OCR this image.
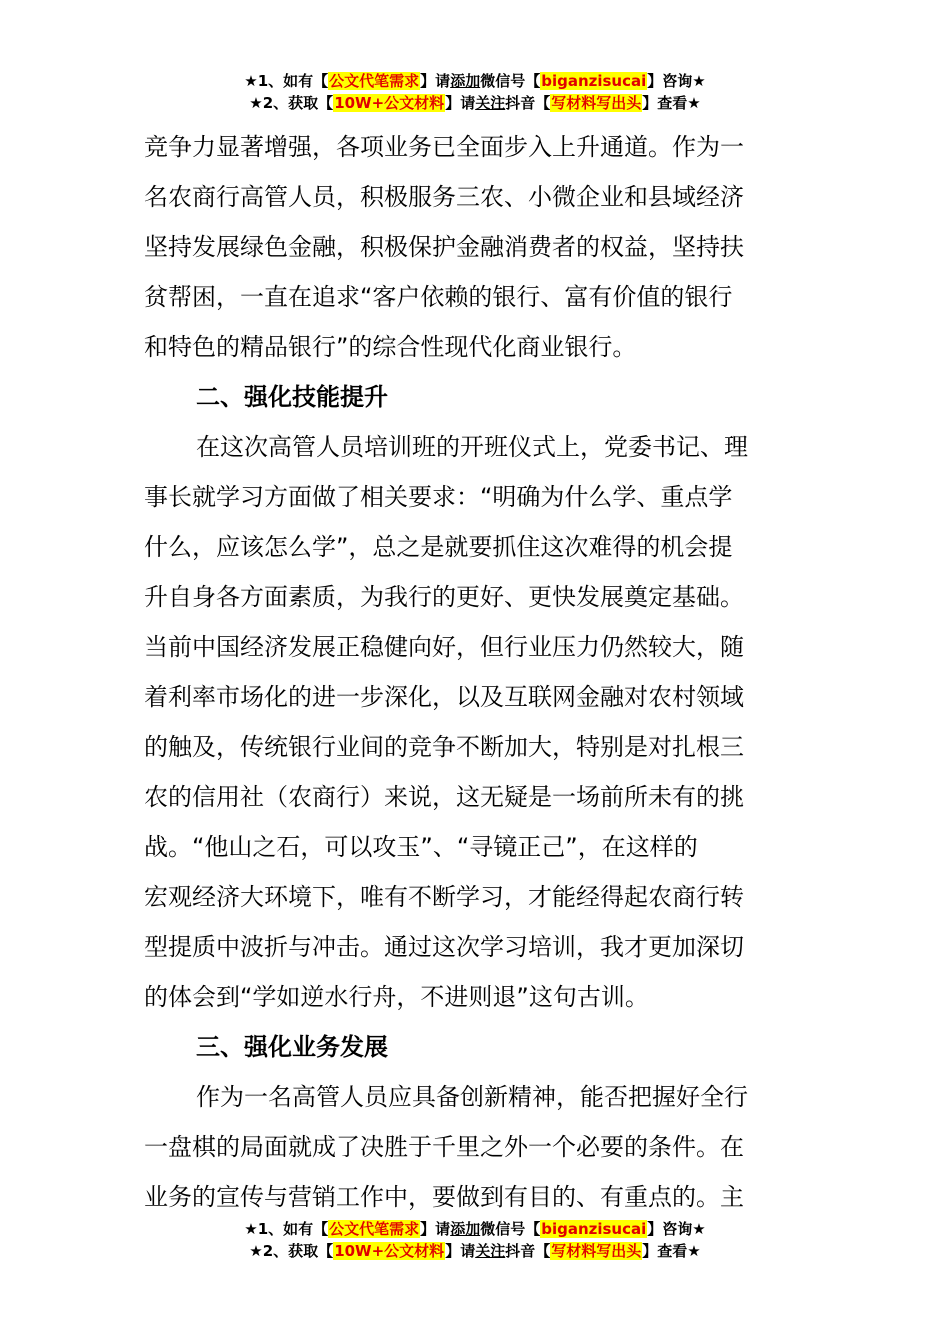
★1、如有【公文代笔需求】请添加微信号【biganzisucai】咨询★
★2、获取【10W+公文材料】请关注抖音【写材料写出头】查看★
竞争力显著增强，各项业务已全面步入上升通道。作为一
名农商行高管人员，积极服务三农、小微企业和县域经济
坚持发展绿色金融，积极保护金融消费者的权益，坚持扶
贫帮困，一直在追求“客户依赖的银行、富有价值的银行
和特色的精品银行”的综合性现代化商业银行。
二、强化技能提升
在这次高管人员培训班的开班仪式上，党委书记、理
事长就学习方面做了相关要求：“明确为什么学、重点学
什么，应该怎么学”，总之是就要抓住这次难得的机会提
升自身各方面素质，为我行的更好、更快发展奠定基础。
当前中国经济发展正稳健向好，但行业压力仍然较大，随
着利率市场化的进一步深化，以及互联网金融对农村领域
的触及，传统银行业间的竞争不断加大，特别是对扎根三
农的信用社（农商行）来说，这无疑是一场前所未有的挑
战。“他山之石，可以攻玉”、“寻镜正己”，在这样的
宏观经济大环境下，唯有不断学习，才能经得起农商行转
型提质中波折与冲击。通过这次学习培训，我才更加深切
的体会到“学如逆水行舟，不进则退”这句古训。
三、强化业务发展
作为一名高管人员应具备创新精神，能否把握好全行
一盘棋的局面就成了决胜于千里之外一个必要的条件。在
业务的宣传与营销工作中，要做到有目的、有重点的。主
★1、如有【公文代笔需求】请添加微信号【biganzisucai】咨询★
★2、获取【10W+公文材料】请关注抖音【写材料写出头】查看★
